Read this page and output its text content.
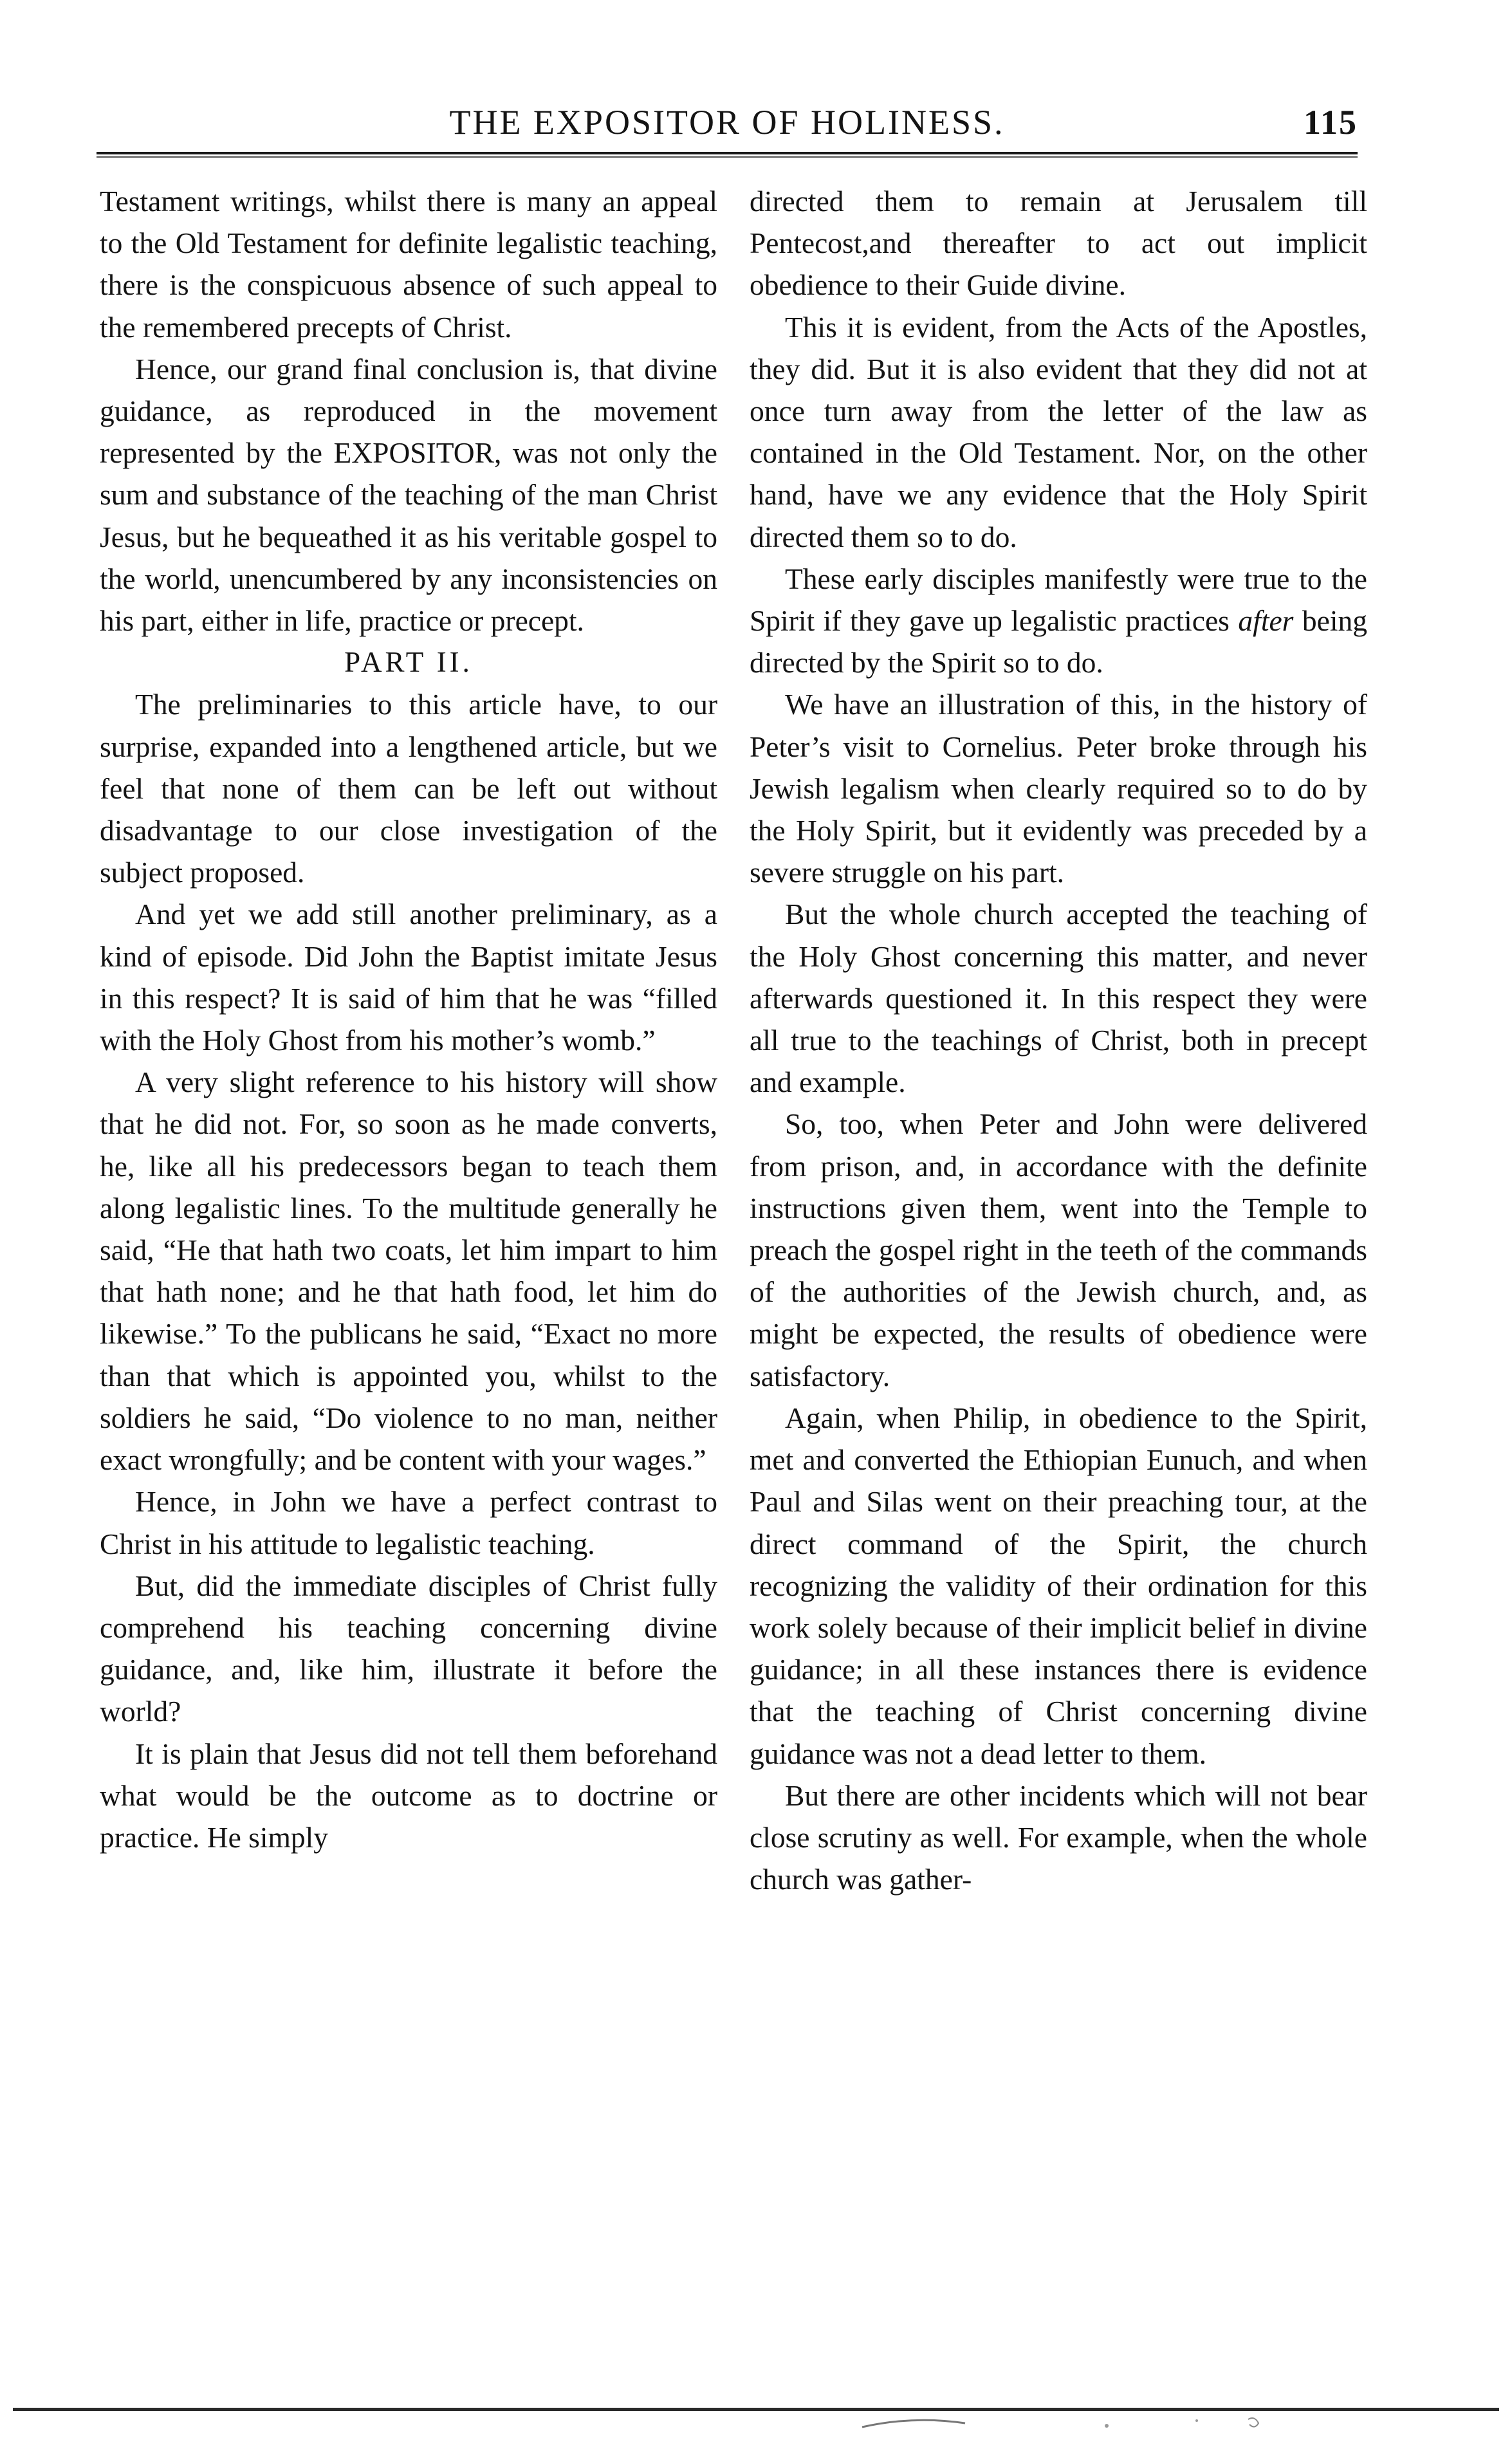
THE EXPOSITOR OF HOLINESS.	115

Testament writings, whilst there is many an appeal to the Old Testament for definite legalistic teaching, there is the conspicuous absence of such appeal to the remembered precepts of Christ.

Hence, our grand final conclusion is, that divine guidance, as reproduced in the movement represented by the EXPOSITOR, was not only the sum and substance of the teaching of the man Christ Jesus, but he bequeathed it as his veritable gospel to the world, unencumbered by any inconsistencies on his part, either in life, practice or precept.

PART II.

The preliminaries to this article have, to our surprise, expanded into a lengthened article, but we feel that none of them can be left out without disadvantage to our close investigation of the subject proposed.

And yet we add still another preliminary, as a kind of episode. Did John the Baptist imitate Jesus in this respect? It is said of him that he was “filled with the Holy Ghost from his mother’s womb.”

A very slight reference to his history will show that he did not. For, so soon as he made converts, he, like all his predecessors began to teach them along legalistic lines. To the multitude generally he said, “He that hath two coats, let him impart to him that hath none; and he that hath food, let him do likewise.” To the publicans he said, “Exact no more than that which is appointed you, whilst to the soldiers he said, “Do violence to no man, neither exact wrongfully; and be content with your wages.”

Hence, in John we have a perfect contrast to Christ in his attitude to legalistic teaching.

But, did the immediate disciples of Christ fully comprehend his teaching concerning divine guidance, and, like him, illustrate it before the world?

It is plain that Jesus did not tell them beforehand what would be the outcome as to doctrine or practice. He simply

directed them to remain at Jerusalem till Pentecost,and thereafter to act out implicit obedience to their Guide divine.

This it is evident, from the Acts of the Apostles, they did. But it is also evident that they did not at once turn away from the letter of the law as contained in the Old Testament. Nor, on the other hand, have we any evidence that the Holy Spirit directed them so to do.

These early disciples manifestly were true to the Spirit if they gave up legalistic practices after being directed by the Spirit so to do.

We have an illustration of this, in the history of Peter’s visit to Cornelius. Peter broke through his Jewish legalism when clearly required so to do by the Holy Spirit, but it evidently was preceded by a severe struggle on his part.

But the whole church accepted the teaching of the Holy Ghost concerning this matter, and never afterwards questioned it. In this respect they were all true to the teachings of Christ, both in precept and example.

So, too, when Peter and John were delivered from prison, and, in accordance with the definite instructions given them, went into the Temple to preach the gospel right in the teeth of the commands of the authorities of the Jewish church, and, as might be expected, the results of obedience were satisfactory.

Again, when Philip, in obedience to the Spirit, met and converted the Ethiopian Eunuch, and when Paul and Silas went on their preaching tour, at the direct command of the Spirit, the church recognizing the validity of their ordination for this work solely because of their implicit belief in divine guidance; in all these instances there is evidence that the teaching of Christ concerning divine guidance was not a dead letter to them.

But there are other incidents which will not bear close scrutiny as well. For example, when the whole church was gather-
